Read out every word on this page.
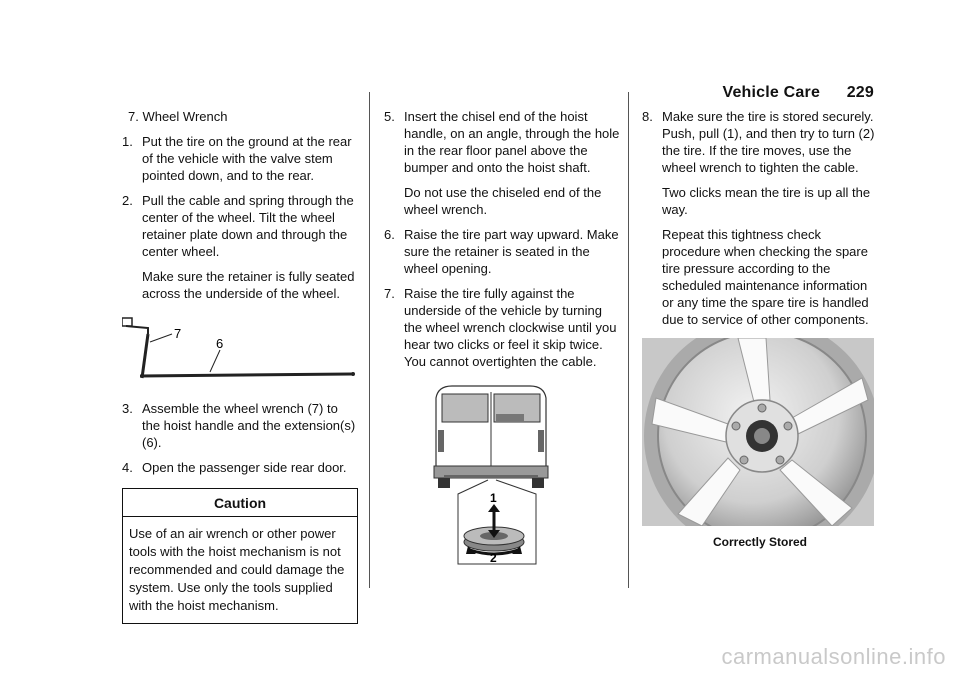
Vehicle Care 229
7. Wheel Wrench
1. Put the tire on the ground at the rear of the vehicle with the valve stem pointed down, and to the rear.
2. Pull the cable and spring through the center of the wheel. Tilt the wheel retainer plate down and through the center wheel.
Make sure the retainer is fully seated across the underside of the wheel.
7
6
3. Assemble the wheel wrench (7) to the hoist handle and the extension(s) (6).
4. Open the passenger side rear door.
Caution
Use of an air wrench or other power tools with the hoist mechanism is not recommended and could damage the system. Use only the tools supplied with the hoist mechanism.
5. Insert the chisel end of the hoist handle, on an angle, through the hole in the rear floor panel above the bumper and onto the hoist shaft.
Do not use the chiseled end of the wheel wrench.
6. Raise the tire part way upward. Make sure the retainer is seated in the wheel opening.
7. Raise the tire fully against the underside of the vehicle by turning the wheel wrench clockwise until you hear two clicks or feel it skip twice. You cannot overtighten the cable.
1
2
8. Make sure the tire is stored securely. Push, pull (1), and then try to turn (2) the tire. If the tire moves, use the wheel wrench to tighten the cable.
Two clicks mean the tire is up all the way.
Repeat this tightness check procedure when checking the spare tire pressure according to the scheduled maintenance information or any time the spare tire is handled due to service of other components.
Correctly Stored
carmanualsonline.info
